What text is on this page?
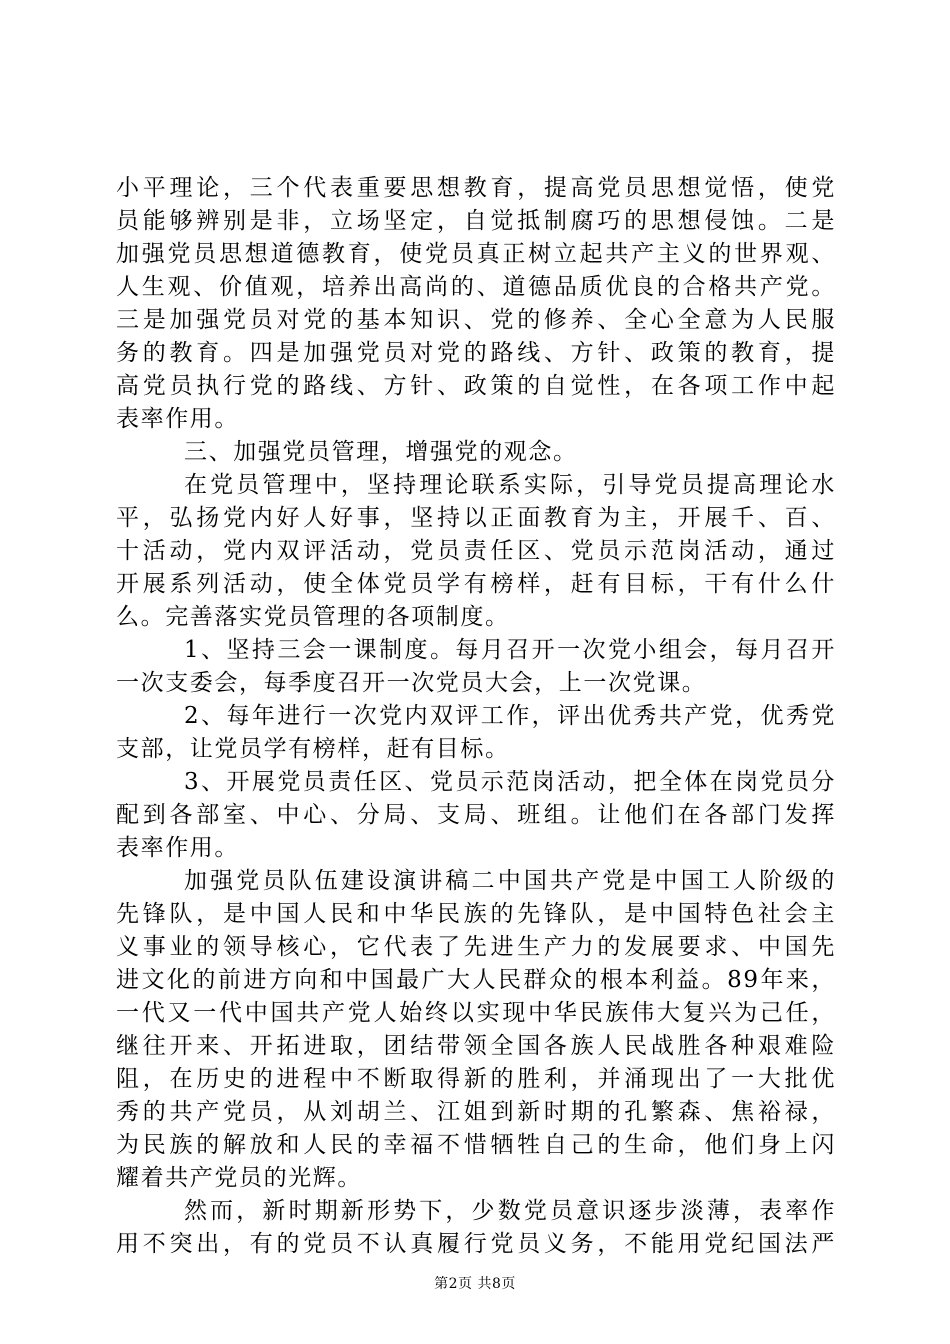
小平理论，三个代表重要思想教育，提高党员思想觉悟，使党
员能够辨别是非，立场坚定，自觉抵制腐巧的思想侵蚀。二是
加强党员思想道德教育，使党员真正树立起共产主义的世界观、
人生观、价值观，培养出高尚的、道德品质优良的合格共产党。
三是加强党员对党的基本知识、党的修养、全心全意为人民服
务的教育。四是加强党员对党的路线、方针、政策的教育，提
高党员执行党的路线、方针、政策的自觉性，在各项工作中起
表率作用。
三、加强党员管理，增强党的观念。
在党员管理中，坚持理论联系实际，引导党员提高理论水
平，弘扬党内好人好事，坚持以正面教育为主，开展千、百、
十活动，党内双评活动，党员责任区、党员示范岗活动，通过
开展系列活动，使全体党员学有榜样，赶有目标，干有什么什
么。完善落实党员管理的各项制度。
1、坚持三会一课制度。每月召开一次党小组会，每月召开
一次支委会，每季度召开一次党员大会，上一次党课。
2、每年进行一次党内双评工作，评出优秀共产党，优秀党
支部，让党员学有榜样，赶有目标。
3、开展党员责任区、党员示范岗活动，把全体在岗党员分
配到各部室、中心、分局、支局、班组。让他们在各部门发挥
表率作用。
加强党员队伍建设演讲稿二中国共产党是中国工人阶级的
先锋队，是中国人民和中华民族的先锋队，是中国特色社会主
义事业的领导核心，它代表了先进生产力的发展要求、中国先
进文化的前进方向和中国最广大人民群众的根本利益。89年来，
一代又一代中国共产党人始终以实现中华民族伟大复兴为己任，
继往开来、开拓进取，团结带领全国各族人民战胜各种艰难险
阻，在历史的进程中不断取得新的胜利，并涌现出了一大批优
秀的共产党员，从刘胡兰、江姐到新时期的孔繁森、焦裕禄，
为民族的解放和人民的幸福不惜牺牲自己的生命，他们身上闪
耀着共产党员的光辉。
然而，新时期新形势下，少数党员意识逐步淡薄，表率作
用不突出，有的党员不认真履行党员义务，不能用党纪国法严
第2页 共8页
